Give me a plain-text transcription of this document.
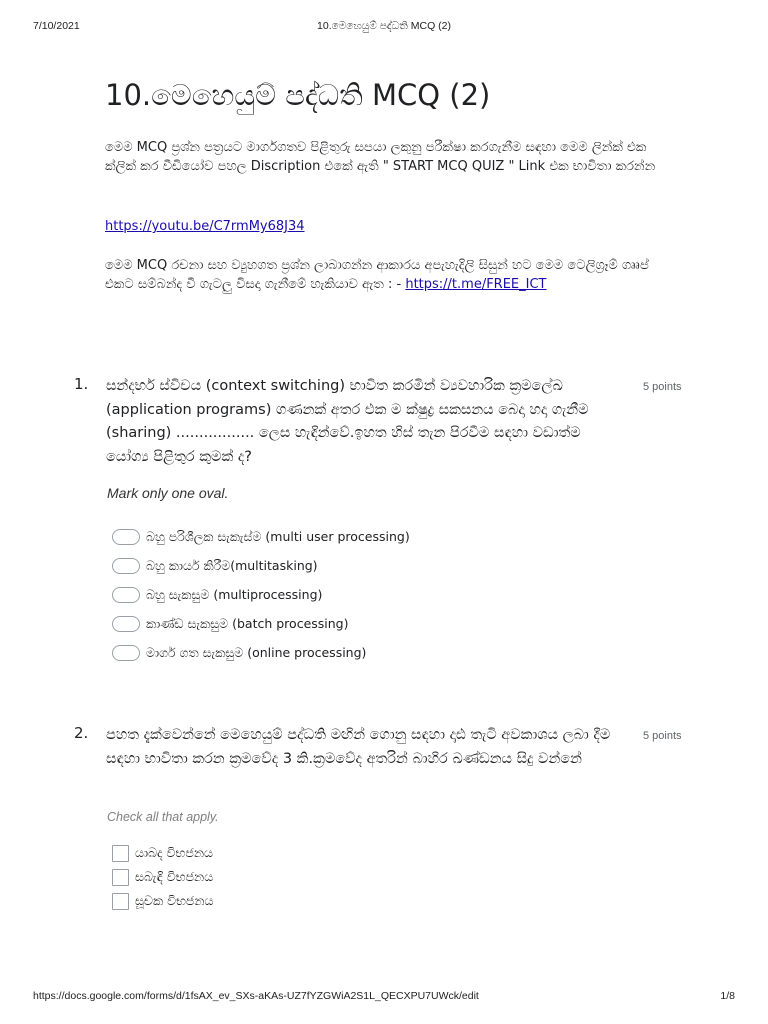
7/10/2021	10.මෙහෙයුම් පද්ධති MCQ (2)
10.මෙහෙයුම් පද්ධති MCQ (2)

මෙම MCQ ප්‍රශ්න පත්‍රයට මාර්ගගතව පිළිතුරු සපයා ලකුනු පරීක්ෂා කරගැනීම සඳහා මෙම ලින්ක් එක ක්ලික් කර වීඩියෝව පහල Discription එකේ ඇති " START MCQ QUIZ " Link එක භාවිතා කරන්න

https://youtu.be/C7rmMy68J34

මෙම MCQ රචනා සහ ව්‍යුහගත ප්‍රශ්න ලාබාගන්න ආකාරය අපැහැදිලි සිසුන් හට මෙම ටෙලිග්‍රෑම් ගෲප් එකට සම්බන්ද වී ගැටලු විසදා ගැනීමේ හැකියාව ඇත : - https://t.me/FREE_ICT

1. සන්දර්භ ස්විචය (context switching) භාවිත කරමින් ව්‍යවහාරික ක්‍රමලේඛ (application programs) ගණනක් අතර එක ම ක්ෂුද්‍ර සකසනය බෙදා හදා ගැනීම (sharing) ................. ලෙස හැඳින්වේ.ඉහත හිස් තැන පිරවීම සඳහා වඩාත්ම යෝග්‍ය පිළිතුර කුමක් ද?

5 points
Mark only one oval.
බහු පරිශීලක සැකැස්ම (multi user processing)
බහු කාර්ය කිරීම(multitasking)
බහු සැකසුම (multiprocessing)
කාණ්ඩ සැකසුම (batch processing)
මාර්ග ගත සැකසුම (online processing)
2. පහත දැක්වෙන්නේ මෙහෙයුම් පද්ධති මඟින් ගොනු සඳහා දෘඪ තැටි අවකාශය ලබා දීම සඳහා භාවිතා කරන ක්‍රමවේද 3 කි.ක්‍රමවේද අතරින් බාහිර ඛණ්ඩනය සිදු වන්නේ

5 points
Check all that apply.
යාබද විභජනය
සබැඳි විභජනය
සූචක විභජනය
https://docs.google.com/forms/d/1fsAX_ev_SXs-aKAs-UZ7fYZGWiA2S1L_QECXPU7UWck/edit	1/8
